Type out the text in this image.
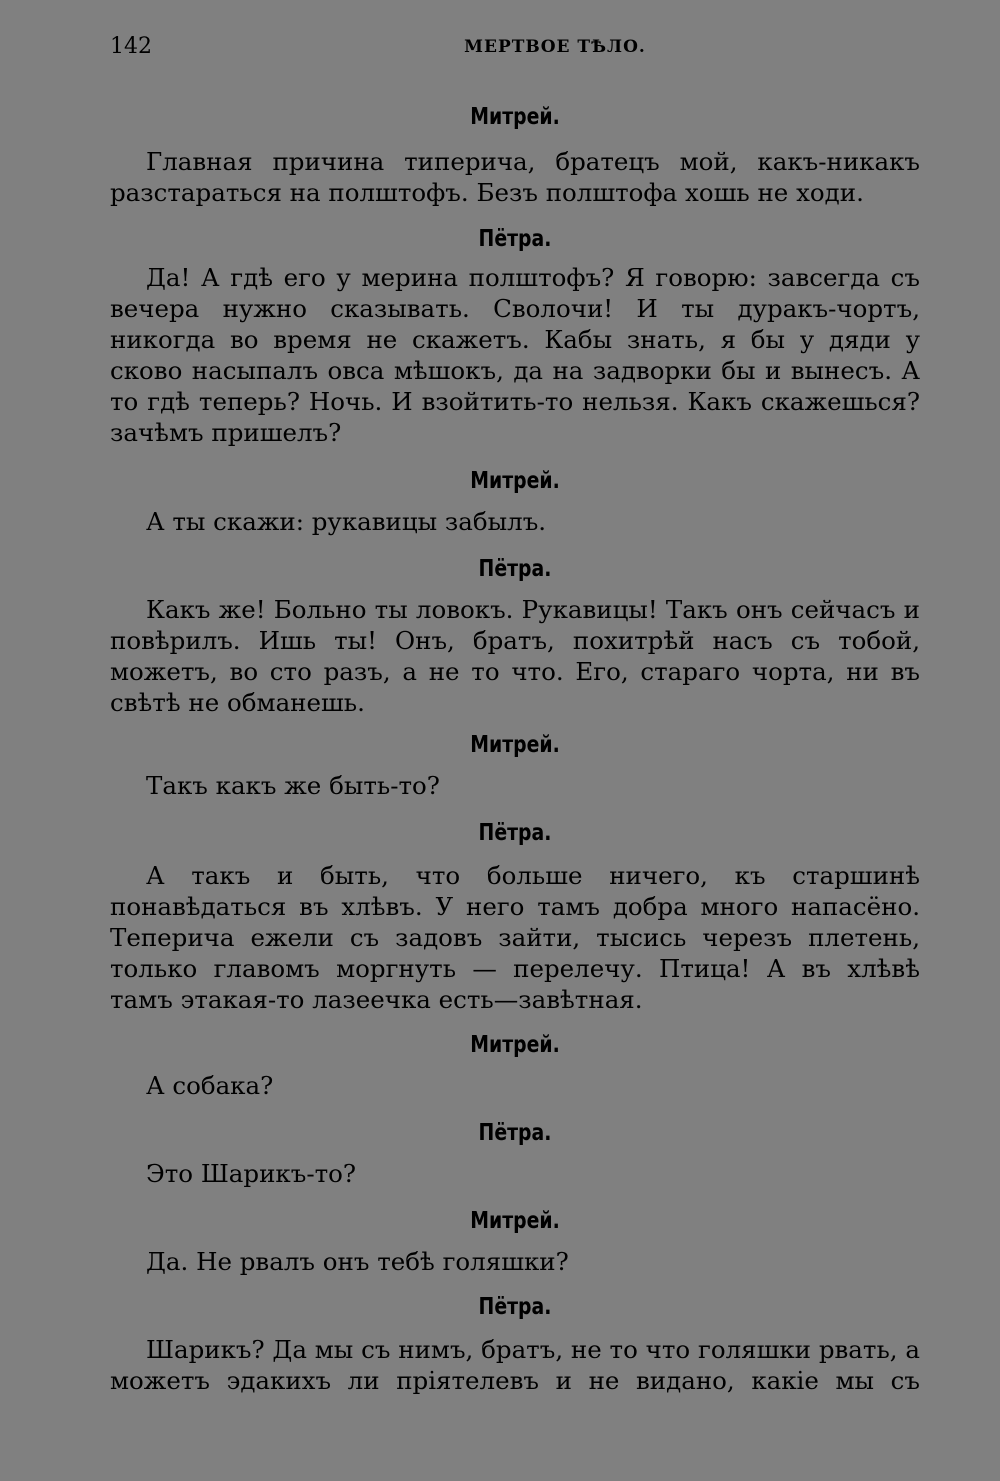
142	МЕРТВОЕ ТѢЛО.
Митрей.

Главная причина типерича, братецъ мой, какъ-никакъ разстараться на полштофъ. Безъ полштофа хошь не ходи.

Пётра.

Да! А гдѣ его у мерина полштофъ? Я говорю: завсегда съ вечера нужно сказывать. Сволочи! И ты дуракъ-чортъ, никогда во время не скажетъ. Кабы знать, я бы у дяди у сково насыпалъ овса мѣшокъ, да на задворки бы и вынесъ. А то гдѣ теперь? Ночь. И взойтить-то нельзя. Какъ скажешься? зачѣмъ пришелъ?

Митрей.

А ты скажи: рукавицы забылъ.

Пётра.

Какъ же! Больно ты ловокъ. Рукавицы! Такъ онъ сейчасъ и повѣрилъ. Ишь ты! Онъ, братъ, похитрѣй насъ съ тобой, можетъ, во сто разъ, а не то что. Его, стараго чорта, ни въ свѣтѣ не обманешь.

Митрей.

Такъ какъ же быть-то?

Пётра.

А такъ и быть, что больше ничего, къ старшинѣ понавѣдаться въ хлѣвъ. У него тамъ добра много напасёно. Теперича ежели съ задовъ зайти, тысись черезъ плетень, только главомъ моргнуть — перелечу. Птица! А въ хлѣвѣ тамъ этакая-то лазеечка есть—завѣтная.

Митрей.

А собака?

Пётра.

Это Шарикъ-то?

Митрей.

Да. Не рвалъ онъ тебѣ голяшки?

Пётра.

Шарикъ? Да мы съ нимъ, братъ, не то что голяшки рвать, а можетъ эдакихъ ли прiятелевъ и не видано, какiе мы съ
